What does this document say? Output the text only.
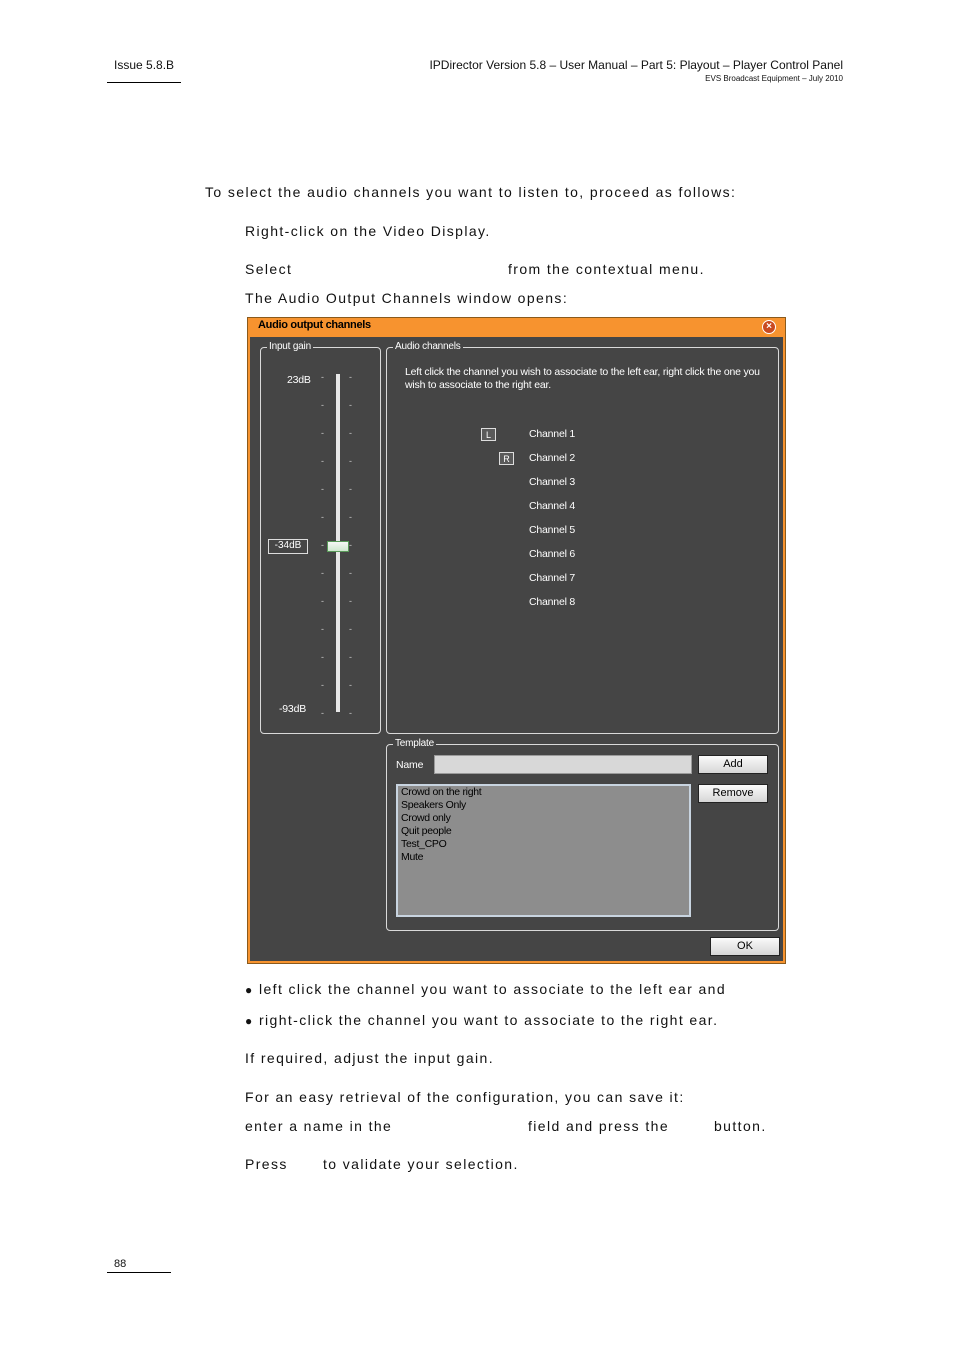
Issue 5.8.B	IPDirector Version 5.8 – User Manual – Part 5: Playout – Player Control Panel
EVS Broadcast Equipment – July 2010
To select the audio channels you want to listen to, proceed as follows:
Right-click on the Video Display.
Select	from the contextual menu.
The Audio Output Channels window opens:
Audio output channels	×
Input gain
23dB
-93dB
-
-
-
-
-
-
-
-
-
-
-
-
-
-
-
-
-
-
-
-
-
-
-
-
-
-
-34dB
Audio channels
Left click the channel you wish to associate to the left ear, right click the one you wish to associate to the right ear.
L
R
Channel 1
Channel 2
Channel 3
Channel 4
Channel 5
Channel 6
Channel 7
Channel 8
Template
Name	Add
Remove
Crowd on the right
Speakers Only
Crowd only
Quit people
Test_CPO
Mute
OK
● left click the channel you want to associate to the left ear and
● right-click the channel you want to associate to the right ear.
If required, adjust the input gain.
For an easy retrieval of the configuration, you can save it:
enter a name in the	field and press the	button.
Press	to validate your selection.
88
